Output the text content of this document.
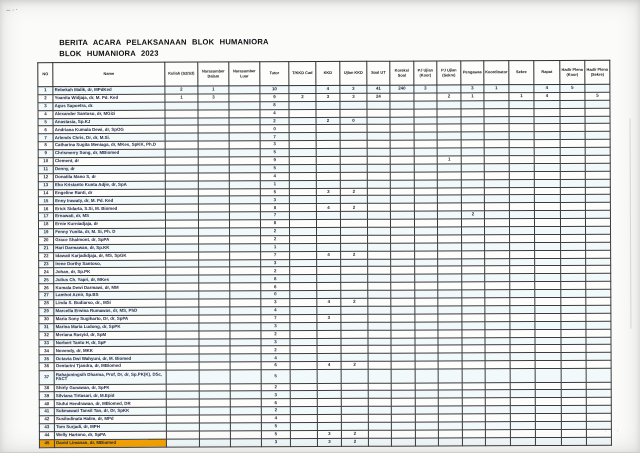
~··
BERITA ACARA PELAKSANAAN BLOK HUMANIORA
BLOK HUMANIORA 2023
NO	Name	Kuliah (S2/S3)	Narasumber Dalam	Narasumber Luar	Tutor	T/KKD Cad	KKD	Ujian KKD	Soal UT	Koreksi Soal	PJ Ujian (Koor)	PJ Ujian (Sekre)	Pengawas	Koordinator	Sekre	Rapat	Hadir Pleno (Koor)	Hadir Pleno (Sekre)
1	Rebekah Malik, dr, MPdKed	2	1		10		4	3	41	240	3		3	1		4	5	
2	Yoanita Widjaja, dr, M. Pd. Ked	1	3		9	2	3	3	24			2	1		1	4		5
3	Agus Sapoetra, dr.				8													
4	Alexander Santoso, dr, MGizi				4													
5	Anastasia, Sp.KJ				2		2	0										
6	Andriana Kumala Dewi, dr, SpOG				0													
7	Arlends Chris, Dr, dr, M.Si.				7													
8	Catharina Sugita Meniaga, dr, MKes, SpKK, Ph.D				3													
9	Chrismerry Song, dr, MBiomed				5													
10	Clement, dr				9							1						
11	Denny, dr				5													
12	Donatila Mano S, dr				4													
13	Eko Kristanto Kunta Adjie, dr, SpA				1													
14	Engeline Ranti, dr				5		3	2										
15	Enny Irawaty, dr, M. Pd. Ked				3													
16	Erick Sidarta, S.Si, M. Biomed				8		4	2										
17	Ernawati, dr, MS				7								2					
18	Ernie Kurniadjaja, dr				8													
19	Fenny Yunita, dr, M. Si, Ph. D				2													
20	Grace Shalmont, dr, SpPA				2													
21	Hari Darmawan, dr, Sp.KK				1													
22	Idawati Karjadidjaja, dr, MS, SpGK				7		4	2										
23	Irene Dorthy Santoso,				3													
24	Johan, dr, Sp.PK				2													
25	Julius Ch. Yapri, dr, MKes				8													
26	Kumala Dewi Darmawi, dr, MM				6													
27	Lamhot Aznir, Sp.BS				0													
28	Linda S. Budiarso, dr., MSi				3		4	2										
29	Marcella Erwina Rumawas, dr, MS, PhD				4													
30	Maria Sony Sugiharto, Dr, dr, SpPA				7		3											
31	Marina Maria Ludong, dr, SpPK				3													
32	Meriana Rasyid, dr, SpM				2													
33	Norbert Tanto H, dr, SpF				3													
34	Novendy, dr, MKK				2													
35	Octavia Dwi Wahyuni, dr, M. Biomed				4													
36	Oentarini Tjandra, dr, MBiomed				6		4	2										
37	Rahajuningsih Dharma, Prof, Dr, dr, Sp.PK(K), DSc, FACT				5													
38	Shirly Gunawan, dr, SpFK				2													
39	Silviana Tirtasari, dr, M.Epid				3													
40	Siufui Hendrawan, dr, MBiomed, DR				6													
41	Sukmawati Tansil Tan, dr, Dr, SpKK				2													
42	Susilodinata Halim, dr, MPd				4													
43	Tom Surjadi, dr, MPH				5													
44	Welly Hartono, dr, SpPA				5		3	2										
45	David Limanan, dr, MBiomed				3		3	2										
· ·
